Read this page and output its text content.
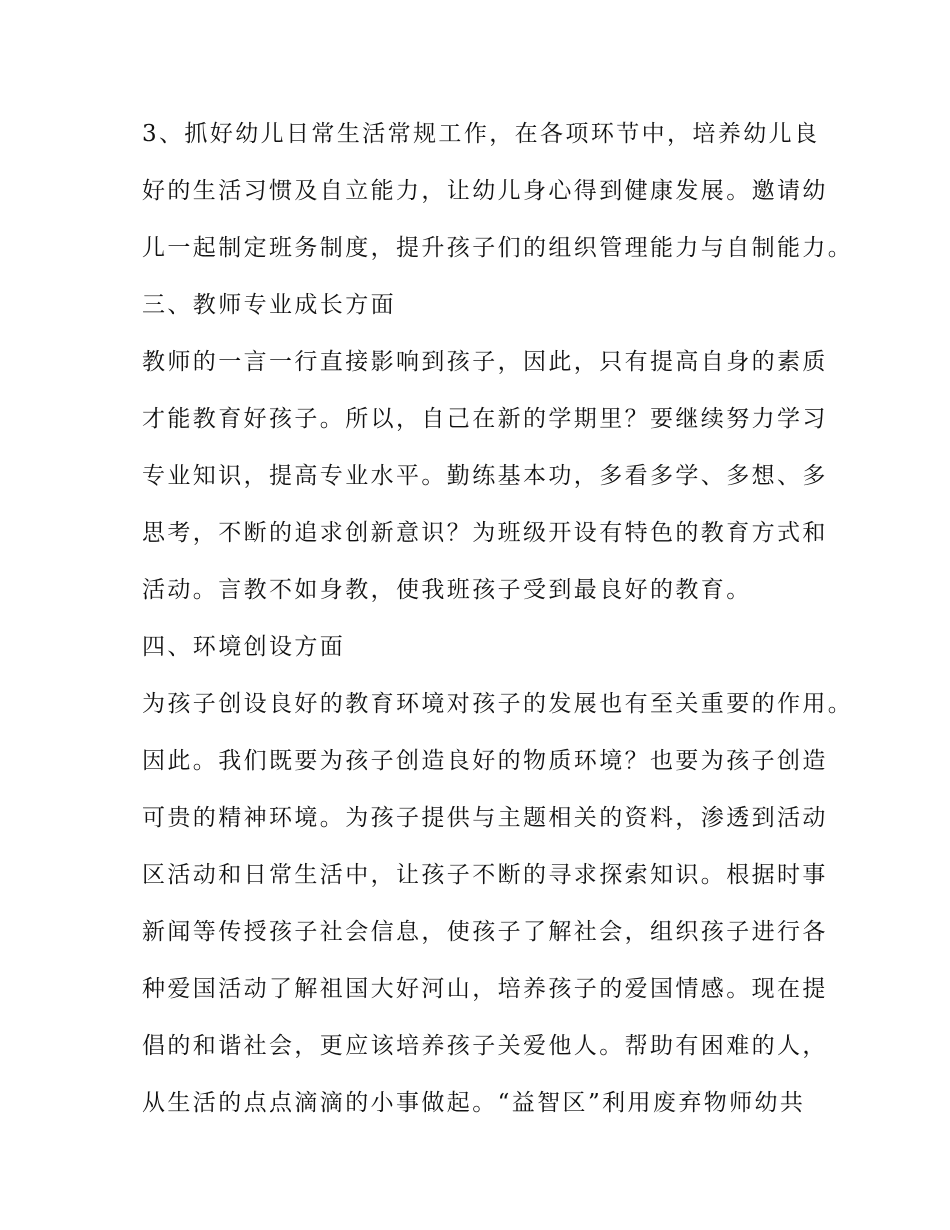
3、抓好幼儿日常生活常规工作，在各项环节中，培养幼儿良
好的生活习惯及自立能力，让幼儿身心得到健康发展。邀请幼
儿一起制定班务制度，提升孩子们的组织管理能力与自制能力。
三、教师专业成长方面
教师的一言一行直接影响到孩子，因此，只有提高自身的素质
才能教育好孩子。所以，自己在新的学期里？要继续努力学习
专业知识，提高专业水平。勤练基本功，多看多学、多想、多
思考，不断的追求创新意识？为班级开设有特色的教育方式和
活动。言教不如身教，使我班孩子受到最良好的教育。
四、环境创设方面
为孩子创设良好的教育环境对孩子的发展也有至关重要的作用。
因此。我们既要为孩子创造良好的物质环境？也要为孩子创造
可贵的精神环境。为孩子提供与主题相关的资料，渗透到活动
区活动和日常生活中，让孩子不断的寻求探索知识。根据时事
新闻等传授孩子社会信息，使孩子了解社会，组织孩子进行各
种爱国活动了解祖国大好河山，培养孩子的爱国情感。现在提
倡的和谐社会，更应该培养孩子关爱他人。帮助有困难的人，
从生活的点点滴滴的小事做起。“益智区”利用废弃物师幼共
